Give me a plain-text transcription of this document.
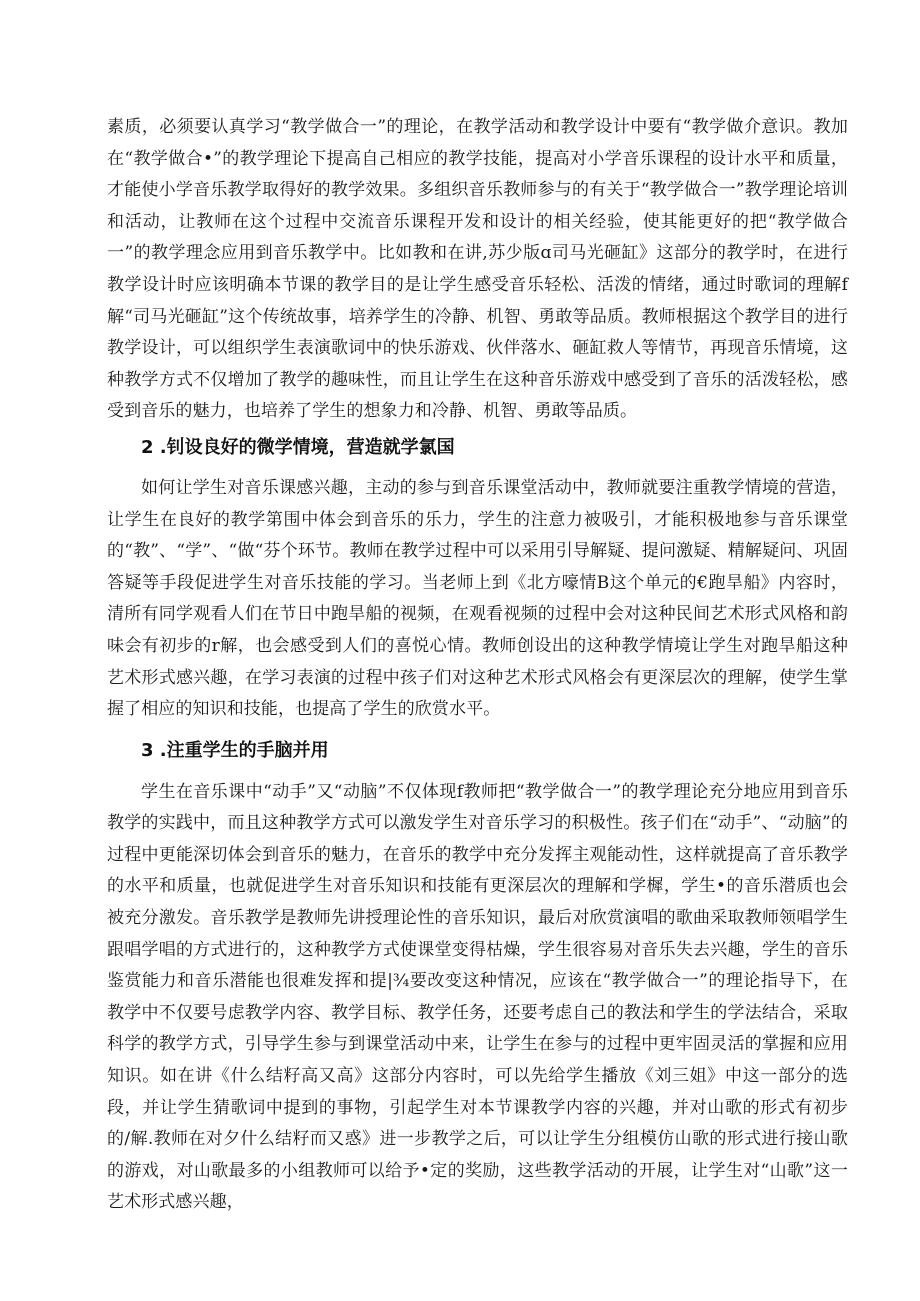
素质，必须要认真学习“教学做合一”的理论，在教学活动和教学设计中要有“教学做介意识。教加在“教学做合•”的教学理论下提高自己相应的教学技能，提高对小学音乐课程的设计水平和质量，才能使小学音乐教学取得好的教学效果。多组织音乐教师参与的有关于“教学做合一”教学理论培训和活动，让教师在这个过程中交流音乐课程开发和设计的相关经验，使其能更好的把“教学做合一”的教学理念应用到音乐教学中。比如教和在讲,苏少版ɑ司马光砸缸》这部分的教学时，在进行教学设计时应该明确本节课的教学目的是让学生感受音乐轻松、活泼的情绪，通过时歌词的理解f解“司马光砸缸”这个传统故事，培养学生的冷静、机智、勇敢等品质。教师根据这个教学目的进行教学设计，可以组织学生表演歌词中的快乐游戏、伙伴落水、砸缸救人等情节，再现音乐情境，这种教学方式不仅增加了教学的趣味性，而且让学生在这种音乐游戏中感受到了音乐的活泼轻松，感受到音乐的魅力，也培养了学生的想象力和冷静、机智、勇敢等品质。

2 .钊设良好的微学情境，营造就学氯国

如何让学生对音乐课感兴趣，主动的参与到音乐课堂活动中，教师就要注重教学情境的营造，让学生在良好的教学第围中体会到音乐的乐力，学生的注意力被吸引，才能积极地参与音乐课堂的“教”、“学”、“做“芬个环节。教师在教学过程中可以采用引导解疑、提问激疑、精解疑问、巩固答疑等手段促进学生对音乐技能的学习。当老师上到《北方嚎情B这个单元的€跑旱船》内容时，清所有同学观看人们在节日中跑旱船的视频，在观看视频的过程中会对这种民间艺术形式风格和韵味会有初步的r解，也会感受到人们的喜悦心情。教师创设出的这种教学情境让学生对跑旱船这种艺术形式感兴趣，在学习表演的过程中孩子们对这种艺术形式风格会有更深层次的理解，使学生掌握了相应的知识和技能，也提高了学生的欣赏水平。

3 .注重学生的手脑并用

学生在音乐课中“动手”又“动脑”不仅体现f教师把“教学做合一”的教学理论充分地应用到音乐教学的实践中，而且这种教学方式可以激发学生对音乐学习的积极性。孩子们在“动手”、“动脑”的过程中更能深切体会到音乐的魅力，在音乐的教学中充分发挥主观能动性，这样就提高了音乐教学的水平和质量，也就促进学生对音乐知识和技能有更深层次的理解和学樨，学生•的音乐潜质也会被充分激发。音乐教学是教师先讲授理论性的音乐知识，最后对欣赏演唱的歌曲采取教师领唱学生跟唱学唱的方式进行的，这种教学方式使课堂变得枯燥，学生很容易对音乐失去兴趣，学生的音乐鉴赏能力和音乐潜能也很难发挥和提|¾要改变这种情况，应该在“教学做合一”的理论指导下，在教学中不仅要号虑教学内容、教学目标、教学任务，还要考虑自己的教法和学生的学法结合，采取科学的教学方式，引导学生参与到课堂活动中来，让学生在参与的过程中更牢固灵活的掌握和应用知识。如在讲《什么结籽高又高》这部分内容时，可以先给学生播放《刘三姐》中这一部分的选段，并让学生猜歌词中提到的事物，引起学生对本节课教学内容的兴趣，并对山歌的形式有初步的/解.教师在对夕什么结籽而又惑》进一步教学之后，可以让学生分组模仿山歌的形式进行接山歌的游戏，对山歌最多的小组教师可以给予•定的奖励，这些教学活动的开展，让学生对“山歌”这一艺术形式感兴趣，
